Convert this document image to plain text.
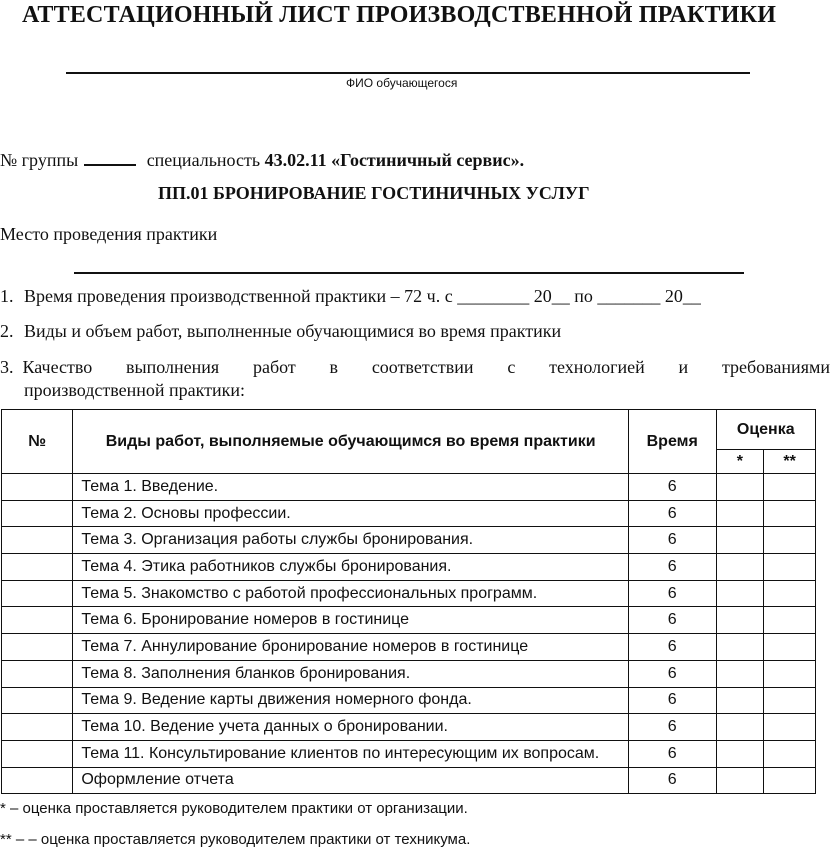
АТТЕСТАЦИОННЫЙ ЛИСТ ПРОИЗВОДСТВЕННОЙ ПРАКТИКИ
ФИО обучающегося
№ группы	специальность 43.02.11 «Гостиничный сервис».
ПП.01 БРОНИРОВАНИЕ ГОСТИНИЧНЫХ УСЛУГ
Место проведения практики
1. Время проведения производственной практики – 72 ч. с ________ 20__ по _______ 20__
2. Виды и объем работ, выполненные обучающимися во время практики
3. Качество выполнения работ в соответствии с технологией и требованиями
производственной практики:
№	Виды работ, выполняемые обучающимся во время практики	Время	Оценка	
			*	**
	Тема 1. Введение.	6		
	Тема 2. Основы профессии.	6		
	Тема 3. Организация работы службы бронирования.	6		
	Тема 4. Этика работников службы бронирования.	6		
	Тема 5. Знакомство с работой профессиональных программ.	6		
	Тема 6. Бронирование номеров в гостинице	6		
	Тема 7. Аннулирование бронирование номеров в гостинице	6		
	Тема 8. Заполнения бланков бронирования.	6		
	Тема 9. Ведение карты движения номерного фонда.	6		
	Тема 10. Ведение учета данных о бронировании.	6		
	Тема 11. Консультирование клиентов по интересующим их вопросам.	6		
	Оформление отчета	6		
* – оценка проставляется руководителем практики от организации.
** – – оценка проставляется руководителем практики от техникума.
